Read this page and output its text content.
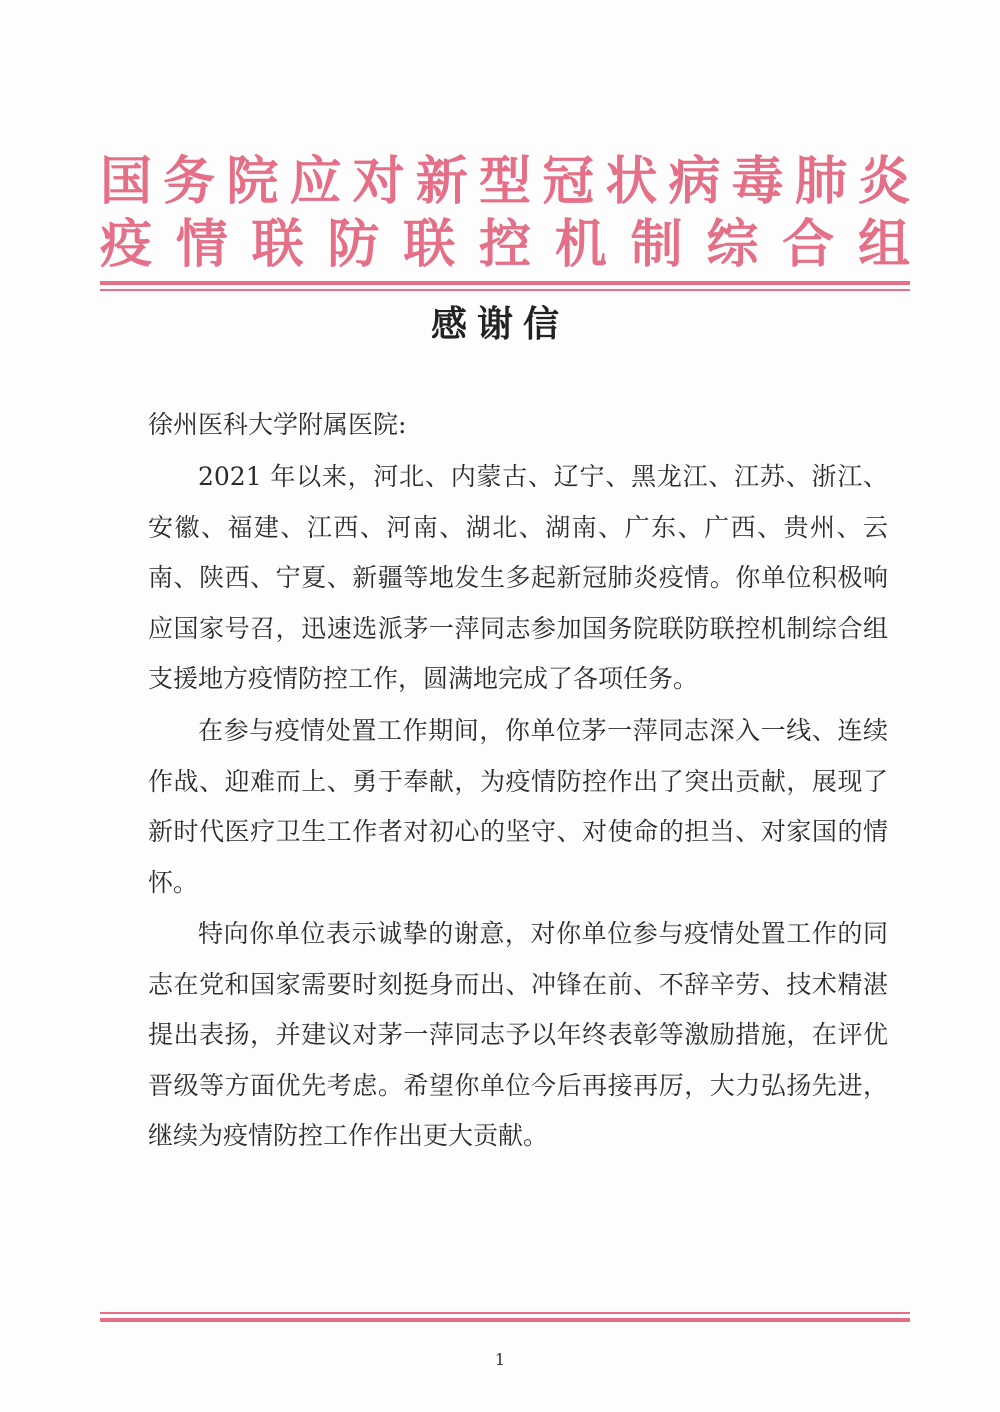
国务院应对新型冠状病毒肺炎
疫情联防联控机制综合组
感谢信
徐州医科大学附属医院:

2021 年以来，河北、内蒙古、辽宁、黑龙江、江苏、浙江、安徽、福建、江西、河南、湖北、湖南、广东、广西、贵州、云南、陕西、宁夏、新疆等地发生多起新冠肺炎疫情。你单位积极响应国家号召，迅速选派茅一萍同志参加国务院联防联控机制综合组支援地方疫情防控工作，圆满地完成了各项任务。

在参与疫情处置工作期间，你单位茅一萍同志深入一线、连续作战、迎难而上、勇于奉献，为疫情防控作出了突出贡献，展现了新时代医疗卫生工作者对初心的坚守、对使命的担当、对家国的情怀。

特向你单位表示诚挚的谢意，对你单位参与疫情处置工作的同志在党和国家需要时刻挺身而出、冲锋在前、不辞辛劳、技术精湛提出表扬，并建议对茅一萍同志予以年终表彰等激励措施，在评优晋级等方面优先考虑。希望你单位今后再接再厉，大力弘扬先进，继续为疫情防控工作作出更大贡献。

1
